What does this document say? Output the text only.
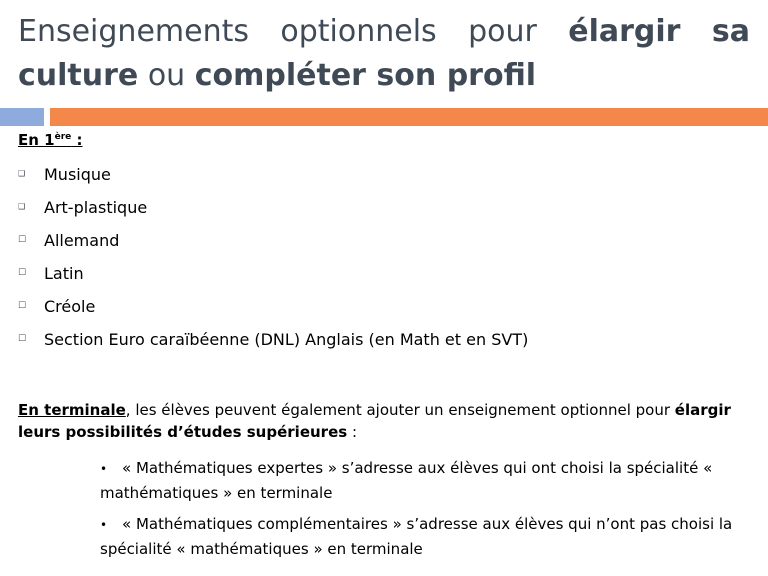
Enseignements optionnels pour élargir sa
culture ou compléter son profil
En 1ère :
❑ Musique
❑ Art-plastique
☐ Allemand
☐ Latin
☐ Créole
☐ Section Euro caraïbéenne (DNL) Anglais (en Math et en SVT)
En terminale, les élèves peuvent également ajouter un enseignement optionnel pour élargir leurs possibilités d’études supérieures :
• « Mathématiques expertes » s’adresse aux élèves qui ont choisi la spécialité « mathématiques » en terminale
• « Mathématiques complémentaires » s’adresse aux élèves qui n’ont pas choisi la spécialité « mathématiques » en terminale
